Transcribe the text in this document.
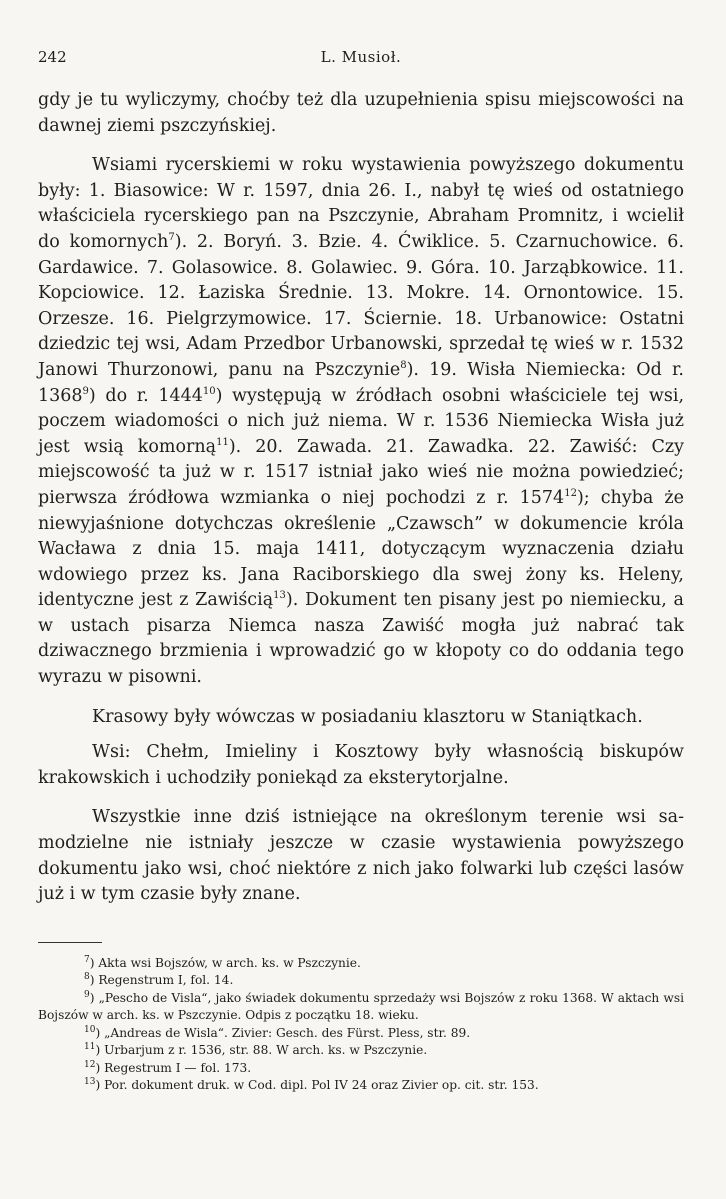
242	L. Musioł.

gdy je tu wyliczymy, choćby też dla uzupełnienia spisu miejscowości na dawnej ziemi pszczyńskiej.

Wsiami rycerskiemi w roku wystawienia powyższego dokumentu były: 1. Biasowice: W r. 1597, dnia 26. I., nabył tę wieś od ostatniego właściciela rycerskiego pan na Pszczynie, Abraham Promnitz, i wcielił do komornych$^7$). 2. Boryń. 3. Bzie. 4. Ćwiklice. 5. Czarnuchowice. 6. Gardawice. 7. Golasowice. 8. Golawiec. 9. Góra. 10. Jarząbkowice. 11. Kopciowice. 12. Łaziska Średnie. 13. Mokre. 14. Ornontowice. 15. Orzesze. 16. Pielgrzymowice. 17. Ściernie. 18. Urbanowice: Ostatni dziedzic tej wsi, Adam Przedbor Urbanowski, sprzedał tę wieś w r. 1532 Janowi Thurzonowi, panu na Pszczynie$^8$). 19. Wisła Niemiecka: Od r. 1368$^9$) do r. 1444$^{10}$) występują w źródłach osobni właściciele tej wsi, poczem wiadomości o nich już niema. W r. 1536 Niemiecka Wisła już jest wsią komorną$^{11}$). 20. Zawada. 21. Zawadka. 22. Zawiść: Czy miejscowość ta już w r. 1517 istniał jako wieś nie można powiedzieć; pierwsza źródłowa wzmianka o niej pochodzi z r. 1574$^{12}$); chyba że niewyjaśnione dotychczas określenie „Czawsch” w dokumencie króla Wacława z dnia 15. maja 1411, dotyczącym wyznaczenia działu wdowiego przez ks. Jana Raciborskiego dla swej żony ks. Heleny, identyczne jest z Zawiścią$^{13}$). Dokument ten pisany jest po niemiecku, a w ustach pisarza Niemca nasza Zawiść mogła już nabrać tak dziwacznego brzmienia i wprowadzić go w kłopoty co do oddania tego wyrazu w pisowni.

Krasowy były wówczas w posiadaniu klasztoru w Staniątkach.

Wsi: Chełm, Imieliny i Kosztowy były własnością biskupów krakowskich i uchodziły poniekąd za eksterytorjalne.

Wszystkie inne dziś istniejące na określonym terenie wsi samodzielne nie istniały jeszcze w czasie wystawienia powyższego dokumentu jako wsi, choć niektóre z nich jako folwarki lub części lasów już i w tym czasie były znane.

$^7$) Akta wsi Bojszów, w arch. ks. w Pszczynie.

$^8$) Regenstrum I, fol. 14.

$^9$) „Pescho de Visla“, jako świadek dokumentu sprzedaży wsi Bojszów z roku 1368. W aktach wsi Bojszów w arch. ks. w Pszczynie. Odpis z początku 18. wieku.

$^{10}$) „Andreas de Wisla“. Zivier: Gesch. des Fürst. Pless, str. 89.

$^{11}$) Urbarjum z r. 1536, str. 88. W arch. ks. w Pszczynie.

$^{12}$) Regestrum I — fol. 173.

$^{13}$) Por. dokument druk. w Cod. dipl. Pol IV 24 oraz Zivier op. cit. str. 153.
